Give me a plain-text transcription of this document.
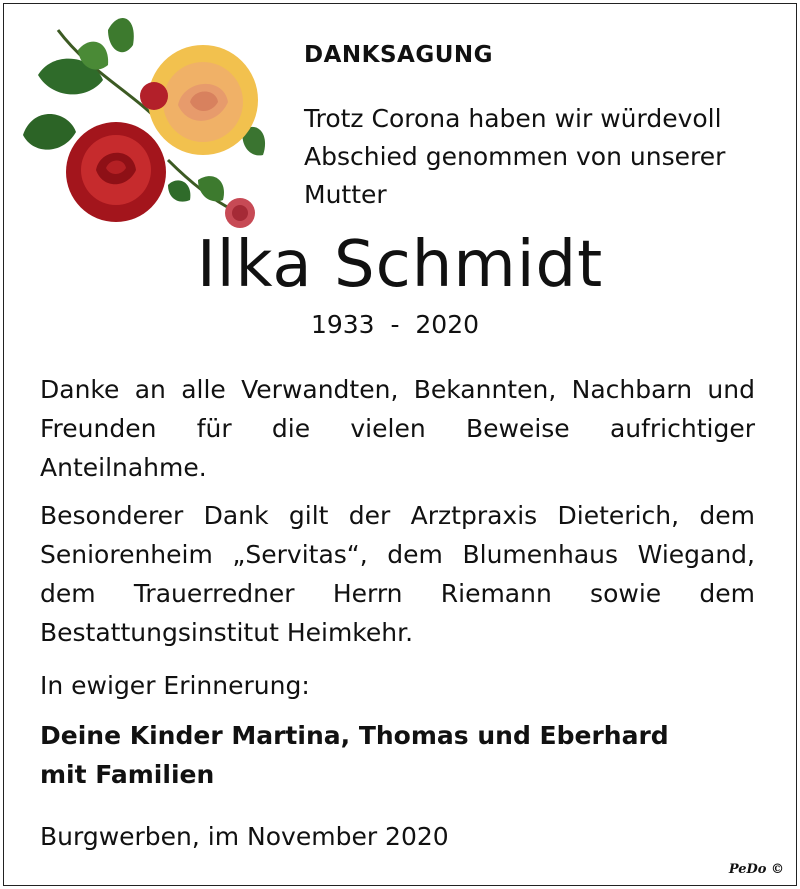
DANKSAGUNG
Trotz Corona haben wir würdevoll
Abschied genommen von unserer
Mutter
Ilka Schmidt
1933  -  2020
Danke an alle Verwandten, Bekannten, Nachbarn und Freunden für die vielen Beweise aufrichtiger Anteilnahme.
Besonderer Dank gilt der Arztpraxis Dieterich, dem Seniorenheim „Servitas“, dem Blumenhaus Wiegand, dem Trauerredner Herrn Riemann sowie dem Bestattungsinstitut Heimkehr.
In ewiger Erinnerung:
Deine Kinder Martina, Thomas und Eberhard
mit Familien
Burgwerben, im November 2020
PeDo ©
